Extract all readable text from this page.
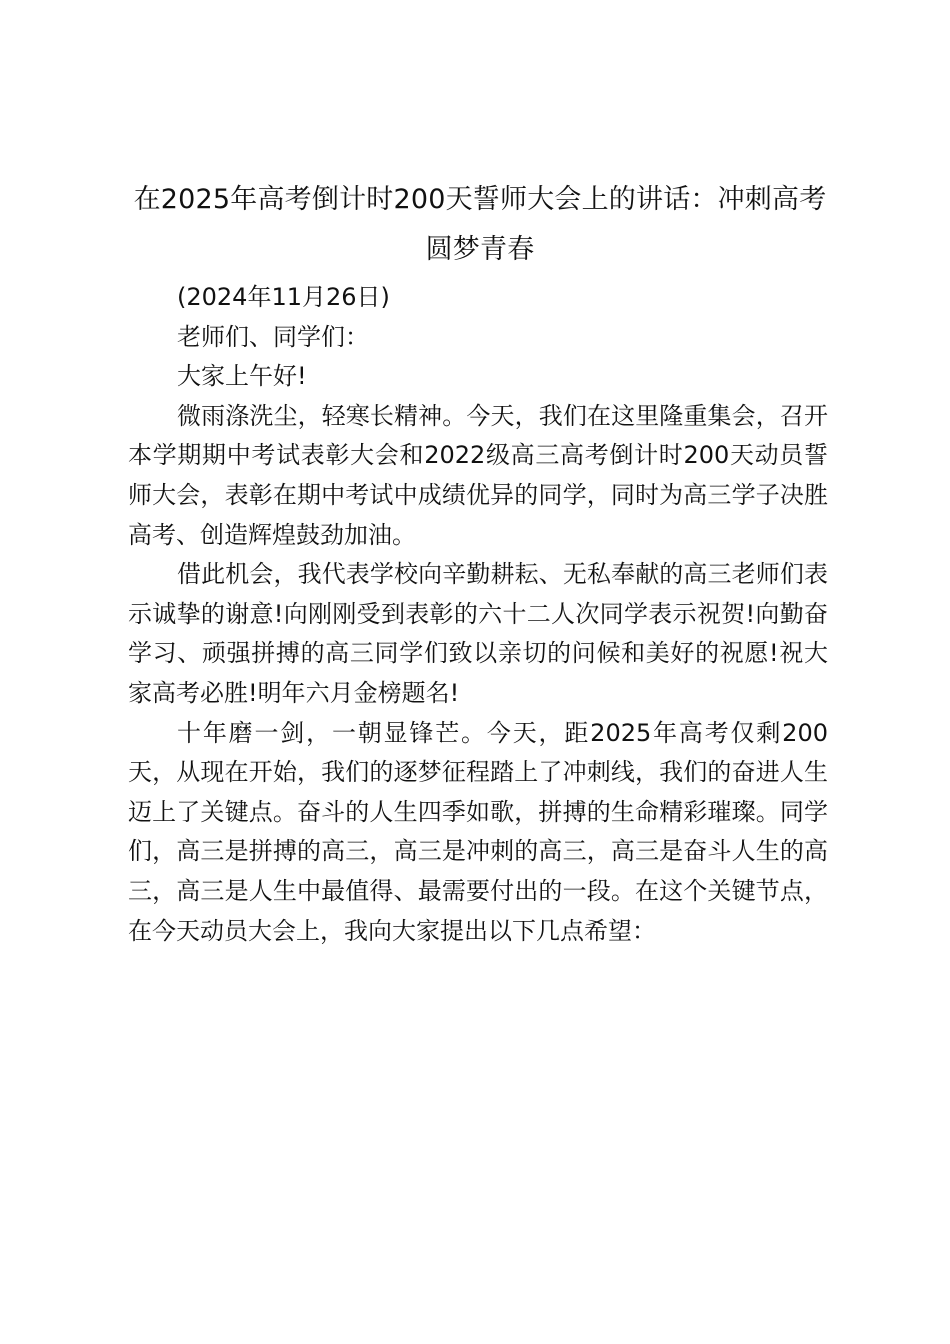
在2025年高考倒计时200天誓师大会上的讲话：冲刺高考圆梦青春

(2024年11月26日)

老师们、同学们：

大家上午好!

微雨涤洗尘，轻寒长精神。今天，我们在这里隆重集会，召开本学期期中考试表彰大会和2022级高三高考倒计时200天动员誓师大会，表彰在期中考试中成绩优异的同学，同时为高三学子决胜高考、创造辉煌鼓劲加油。

借此机会，我代表学校向辛勤耕耘、无私奉献的高三老师们表示诚挚的谢意!向刚刚受到表彰的六十二人次同学表示祝贺!向勤奋学习、顽强拼搏的高三同学们致以亲切的问候和美好的祝愿!祝大家高考必胜!明年六月金榜题名!

十年磨一剑，一朝显锋芒。今天，距2025年高考仅剩200天，从现在开始，我们的逐梦征程踏上了冲刺线，我们的奋进人生迈上了关键点。奋斗的人生四季如歌，拼搏的生命精彩璀璨。同学们，高三是拼搏的高三，高三是冲刺的高三，高三是奋斗人生的高三，高三是人生中最值得、最需要付出的一段。在这个关键节点，在今天动员大会上，我向大家提出以下几点希望：
